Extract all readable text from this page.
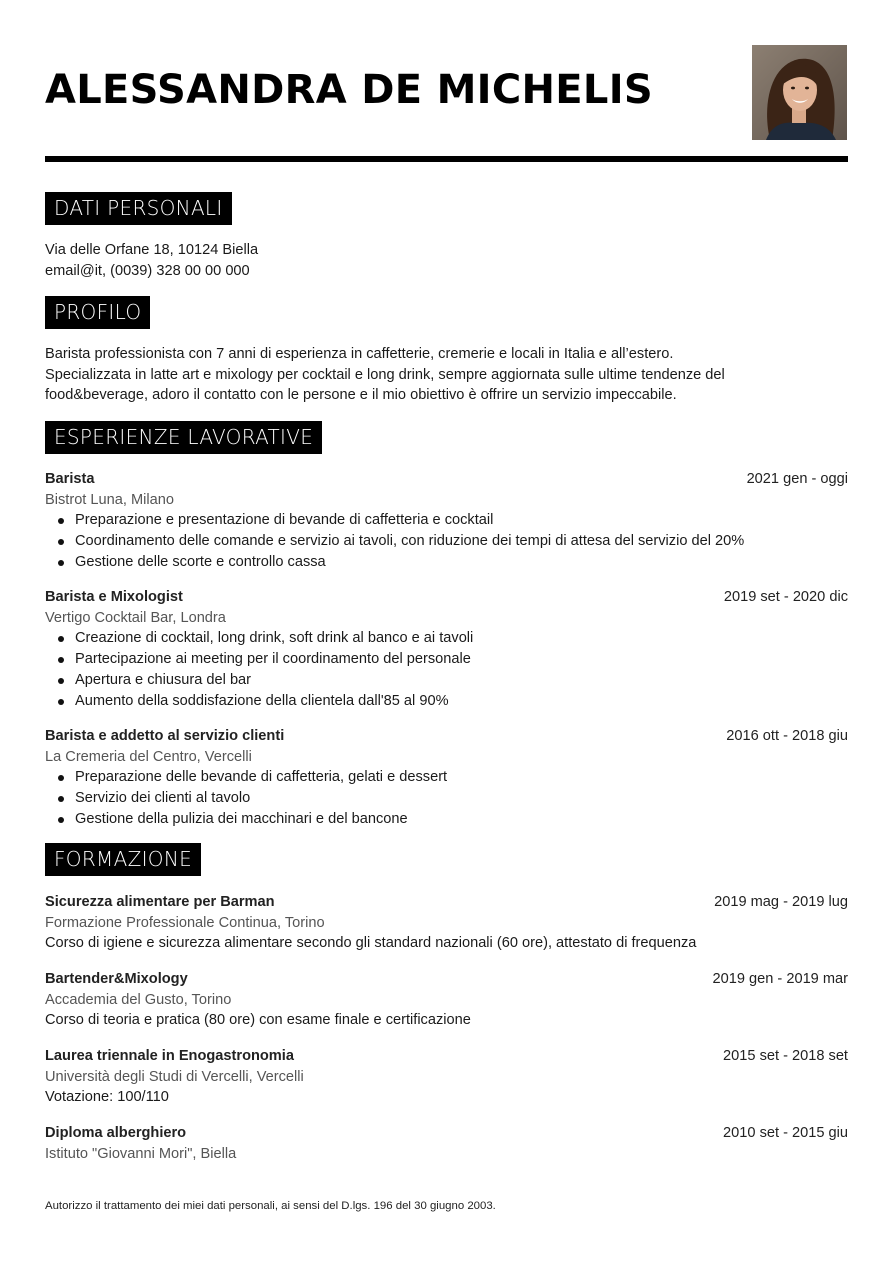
ALESSANDRA DE MICHELIS
DATI PERSONALI

Via delle Orfane 18, 10124 Biella

email@it, (0039) 328 00 00 000

PROFILO

Barista professionista con 7 anni di esperienza in caffetterie, cremerie e locali in Italia e all’estero.

Specializzata in latte art e mixology per cocktail e long drink, sempre aggiornata sulle ultime tendenze del

food&beverage, adoro il contatto con le persone e il mio obiettivo è offrire un servizio impeccabile.

ESPERIENZE LAVORATIVE
Barista	2021 gen - oggi

Bistrot Luna, Milano

Preparazione e presentazione di bevande di caffetteria e cocktail
Coordinamento delle comande e servizio ai tavoli, con riduzione dei tempi di attesa del servizio del 20%
Gestione delle scorte e controllo cassa
Barista e Mixologist	2019 set - 2020 dic

Vertigo Cocktail Bar, Londra

Creazione di cocktail, long drink, soft drink al banco e ai tavoli
Partecipazione ai meeting per il coordinamento del personale
Apertura e chiusura del bar
Aumento della soddisfazione della clientela dall'85 al 90%
Barista e addetto al servizio clienti	2016 ott - 2018 giu

La Cremeria del Centro, Vercelli

Preparazione delle bevande di caffetteria, gelati e dessert
Servizio dei clienti al tavolo
Gestione della pulizia dei macchinari e del bancone
FORMAZIONE
Sicurezza alimentare per Barman	2019 mag - 2019 lug

Formazione Professionale Continua, Torino

Corso di igiene e sicurezza alimentare secondo gli standard nazionali (60 ore), attestato di frequenza

Bartender&Mixology	2019 gen - 2019 mar

Accademia del Gusto, Torino

Corso di teoria e pratica (80 ore) con esame finale e certificazione

Laurea triennale in Enogastronomia	2015 set - 2018 set

Università degli Studi di Vercelli, Vercelli

Votazione: 100/110

Diploma alberghiero	2010 set - 2015 giu

Istituto "Giovanni Mori", Biella

Autorizzo il trattamento dei miei dati personali, ai sensi del D.lgs. 196 del 30 giugno 2003.
